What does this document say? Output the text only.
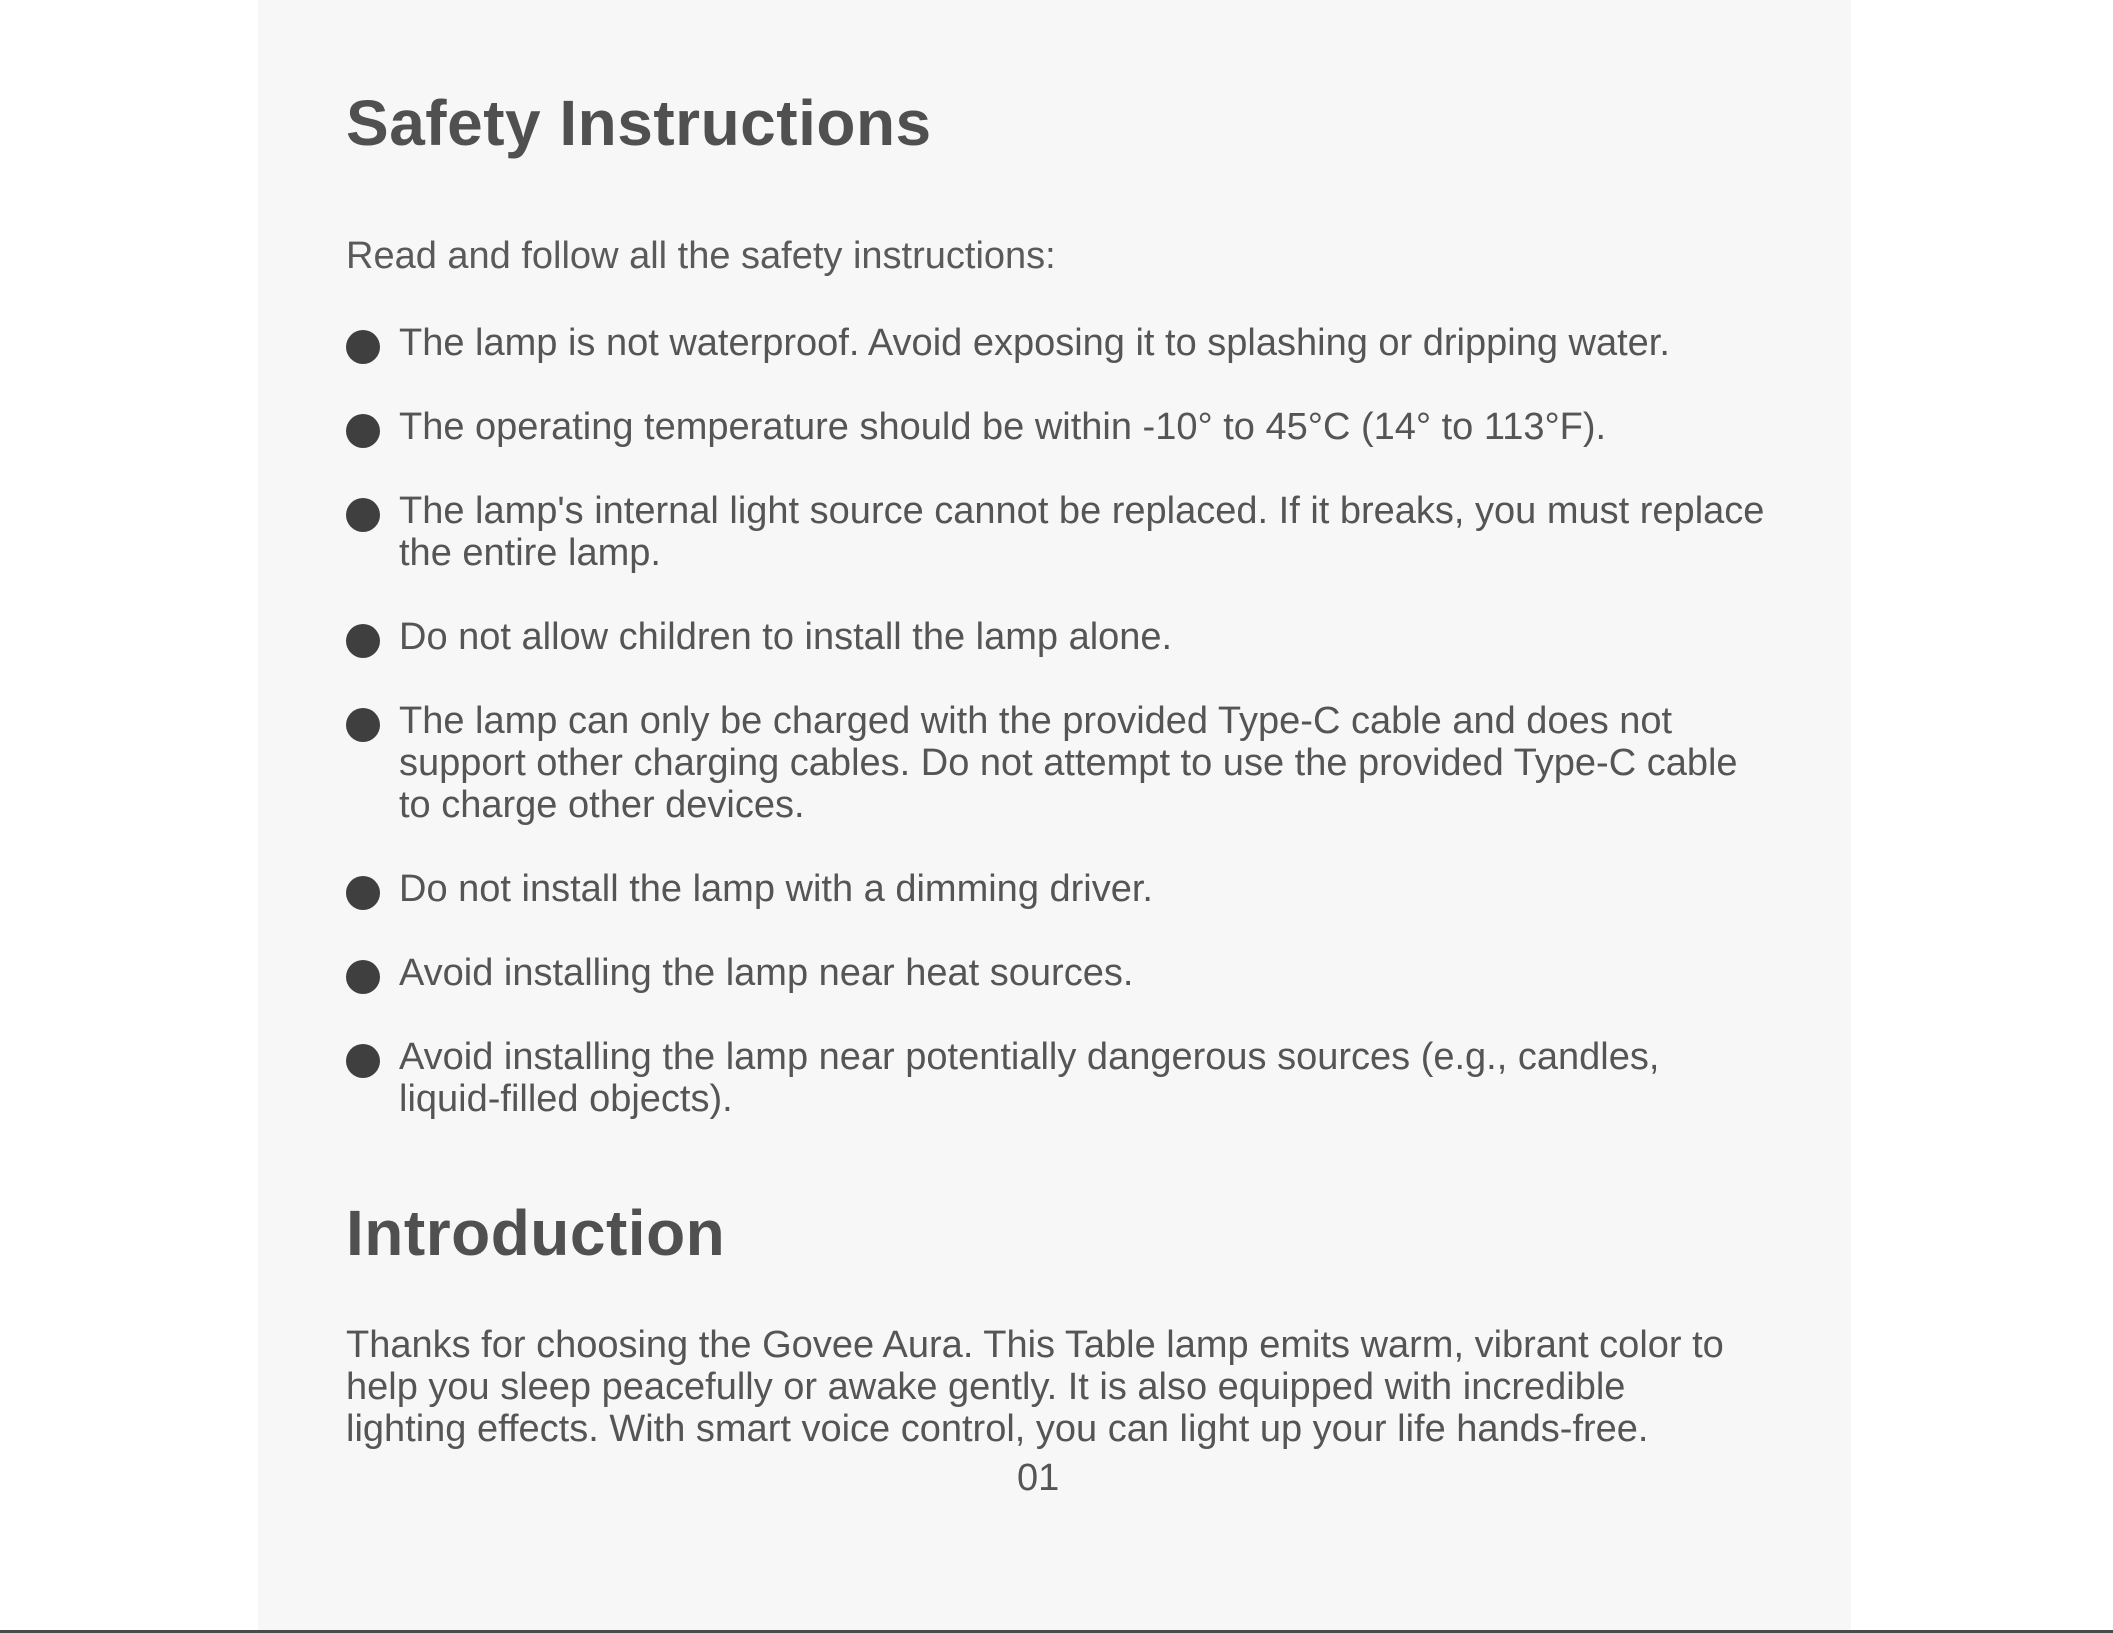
Safety Instructions
Read and follow all the safety instructions:
The lamp is not waterproof. Avoid exposing it to splashing or dripping water.
The operating temperature should be within -10° to 45°C (14° to 113°F).
The lamp's internal light source cannot be replaced. If it breaks, you must replace the entire lamp.
Do not allow children to install the lamp alone.
The lamp can only be charged with the provided Type-C cable and does not support other charging cables. Do not attempt to use the provided Type-C cable to charge other devices.
Do not install the lamp with a dimming driver.
Avoid installing the lamp near heat sources.
Avoid installing the lamp near potentially dangerous sources (e.g., candles, liquid-filled objects).
Introduction
Thanks for choosing the Govee Aura. This Table lamp emits warm, vibrant color to help you sleep peacefully or awake gently. It is also equipped with incredible lighting effects. With smart voice control, you can light up your life hands-free.
01
